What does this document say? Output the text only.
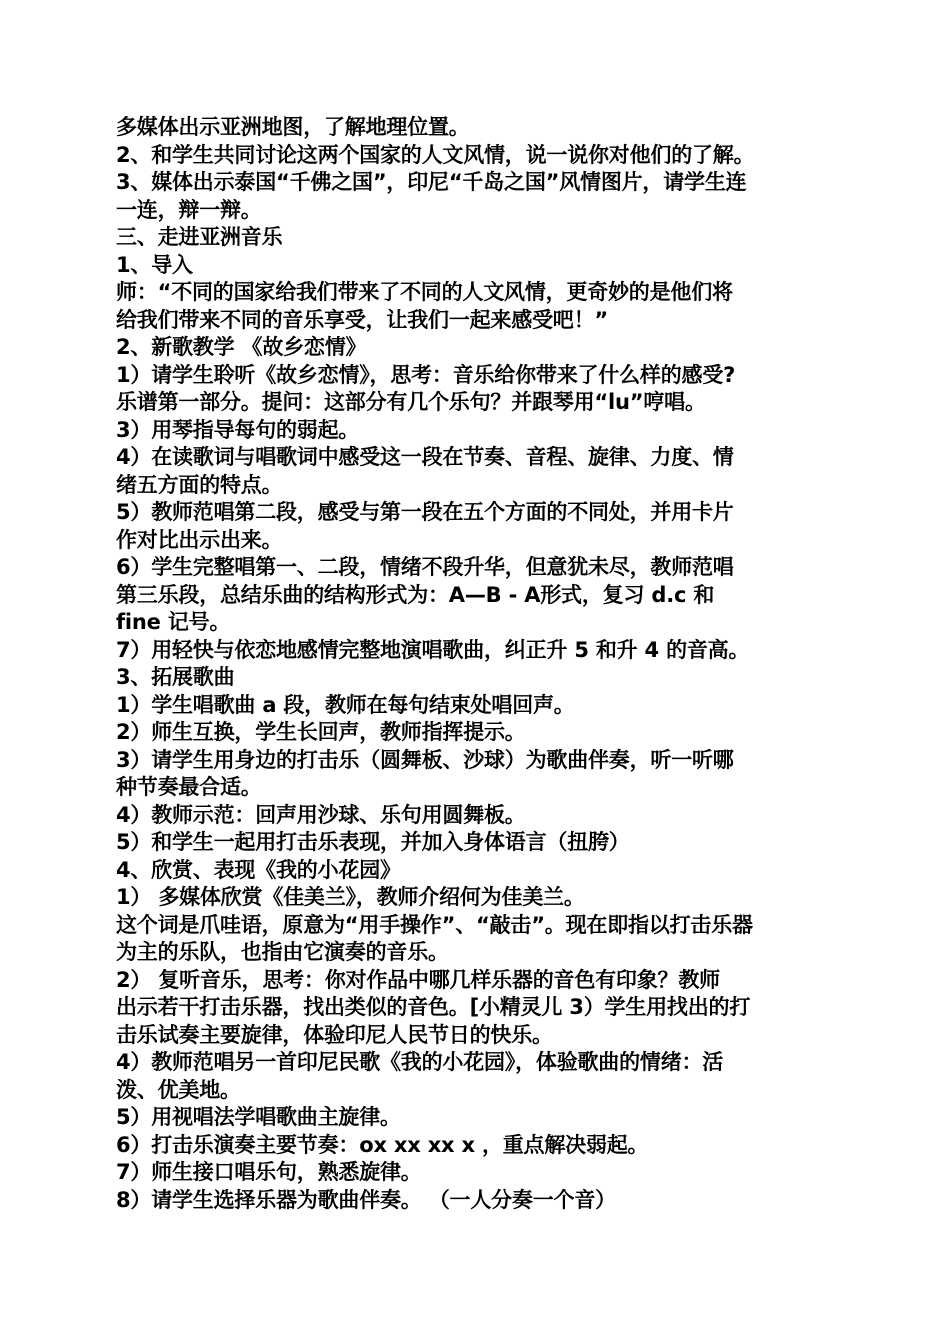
多媒体出示亚洲地图，了解地理位置。
2、和学生共同讨论这两个国家的人文风情，说一说你对他们的了解。
3、媒体出示泰国“千佛之国”，印尼“千岛之国”风情图片，请学生连
一连，辩一辩。
三、走进亚洲音乐
1、导入
师：“不同的国家给我们带来了不同的人文风情，更奇妙的是他们将
给我们带来不同的音乐享受，让我们一起来感受吧！”
2、新歌教学 《故乡恋情》
1）请学生聆听《故乡恋情》，思考：音乐给你带来了什么样的感受?
乐谱第一部分。提问：这部分有几个乐句？并跟琴用“lu”哼唱。
3）用琴指导每句的弱起。
4）在读歌词与唱歌词中感受这一段在节奏、音程、旋律、力度、情
绪五方面的特点。
5）教师范唱第二段，感受与第一段在五个方面的不同处，并用卡片
作对比出示出来。
6）学生完整唱第一、二段，情绪不段升华，但意犹未尽，教师范唱
第三乐段，总结乐曲的结构形式为：A—B - A形式，复习 d.c 和
fine 记号。
7）用轻快与依恋地感情完整地演唱歌曲，纠正升 5 和升 4 的音高。
3、拓展歌曲
1）学生唱歌曲 a 段，教师在每句结束处唱回声。
2）师生互换，学生长回声，教师指挥提示。
3）请学生用身边的打击乐（圆舞板、沙球）为歌曲伴奏，听一听哪
种节奏最合适。
4）教师示范：回声用沙球、乐句用圆舞板。
5）和学生一起用打击乐表现，并加入身体语言（扭胯）
4、欣赏、表现《我的小花园》
1） 多媒体欣赏《佳美兰》，教师介绍何为佳美兰。
这个词是爪哇语，原意为“用手操作”、“敲击”。现在即指以打击乐器
为主的乐队，也指由它演奏的音乐。
2） 复听音乐，思考：你对作品中哪几样乐器的音色有印象？教师
出示若干打击乐器，找出类似的音色。[小精灵儿 3）学生用找出的打
击乐试奏主要旋律，体验印尼人民节日的快乐。
4）教师范唱另一首印尼民歌《我的小花园》，体验歌曲的情绪：活
泼、优美地。
5）用视唱法学唱歌曲主旋律。
6）打击乐演奏主要节奏：ox xx xx x ，重点解决弱起。
7）师生接口唱乐句，熟悉旋律。
8）请学生选择乐器为歌曲伴奏。 （一人分奏一个音）
